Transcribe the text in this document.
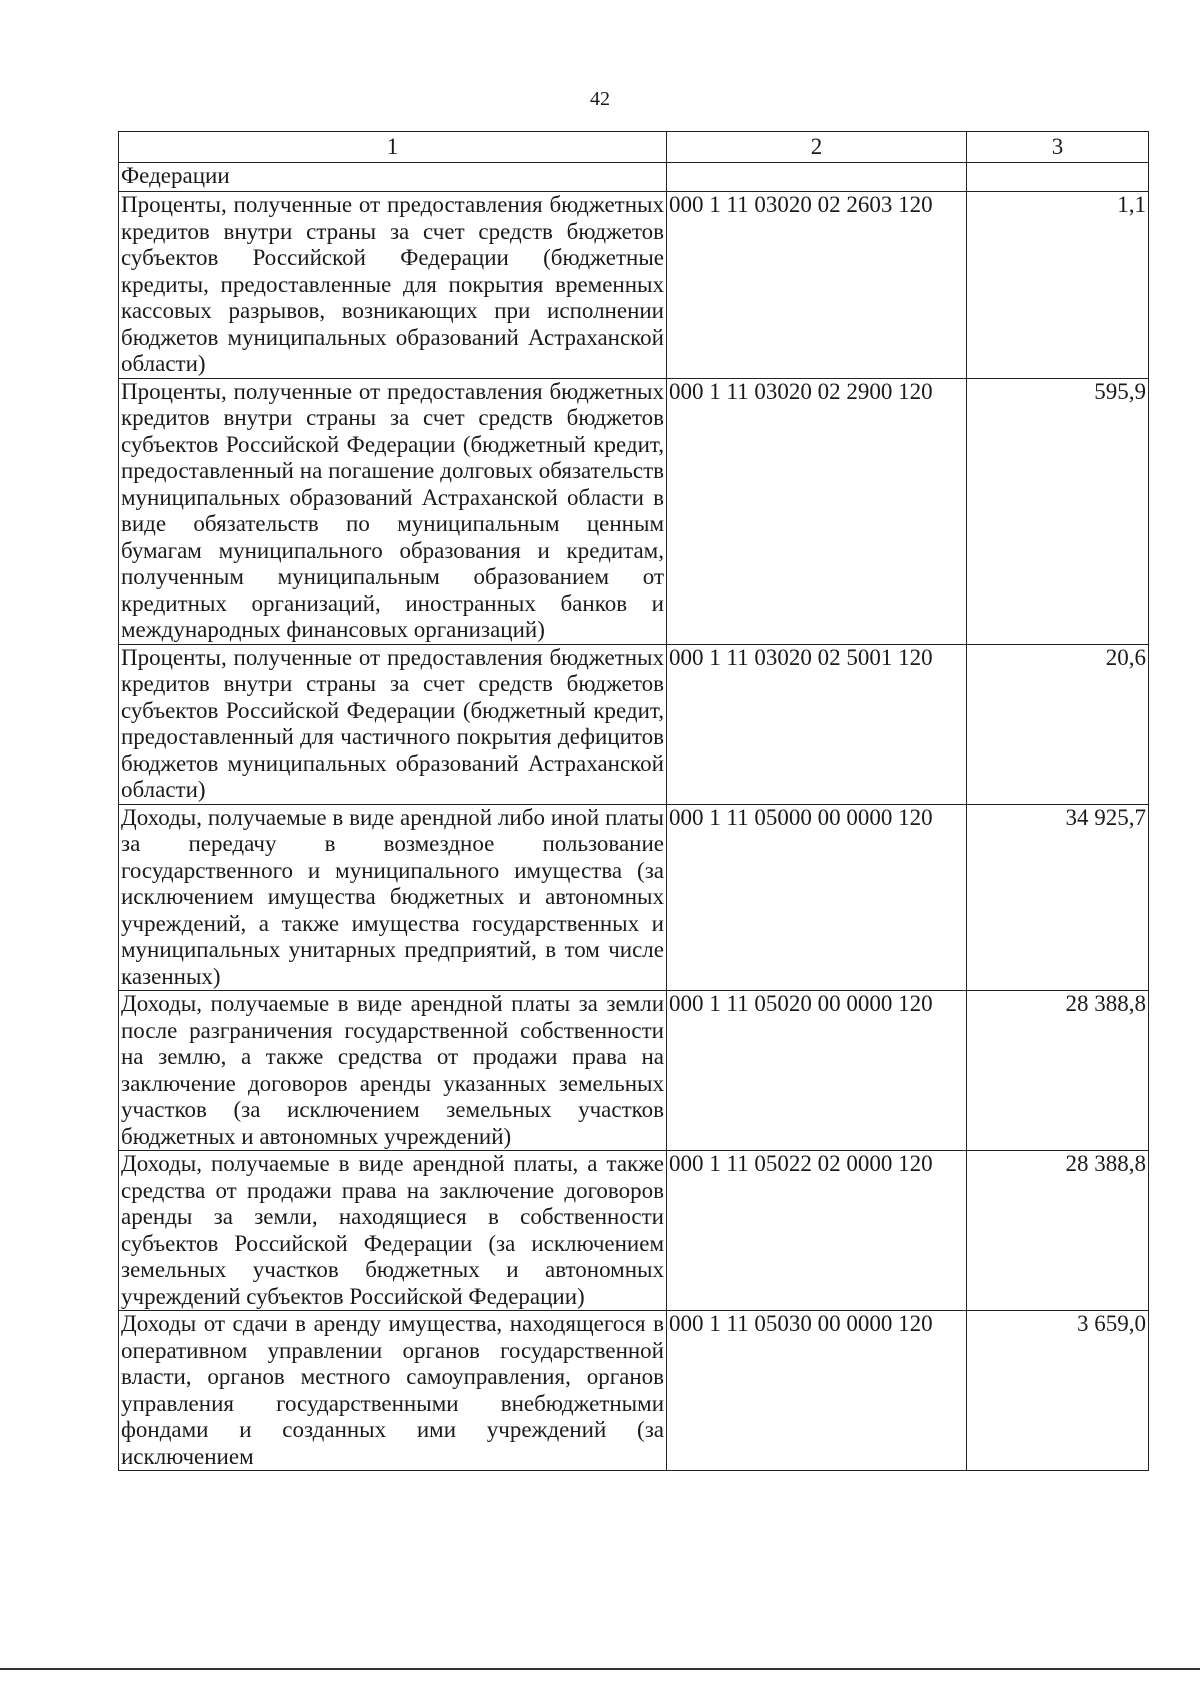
42
1	2	3
Федерации		
Проценты, полученные от предоставления бюджетных кредитов внутри страны за счет средств бюджетов субъектов Российской Федерации (бюджетные кредиты, предоставленные для покрытия временных кассовых разрывов, возникающих при исполнении бюджетов муниципальных образований Астраханской области)	000 1 11 03020 02 2603 120	1,1
Проценты, полученные от предоставления бюджетных кредитов внутри страны за счет средств бюджетов субъектов Российской Федерации (бюджетный кредит, предоставленный на погашение долговых обязательств муниципальных образований Астраханской области в виде обязательств по муниципальным ценным бумагам муниципального образования и кредитам, полученным муниципальным образованием от кредитных организаций, иностранных банков и международных финансовых организаций)	000 1 11 03020 02 2900 120	595,9
Проценты, полученные от предоставления бюджетных кредитов внутри страны за счет средств бюджетов субъектов Российской Федерации (бюджетный кредит, предоставленный для частичного покрытия дефицитов бюджетов муниципальных образований Астраханской области)	000 1 11 03020 02 5001 120	20,6
Доходы, получаемые в виде арендной либо иной платы за передачу в возмездное пользование государственного и муниципального имущества (за исключением имущества бюджетных и автономных учреждений, а также имущества государственных и муниципальных унитарных предприятий, в том числе казенных)	000 1 11 05000 00 0000 120	34 925,7
Доходы, получаемые в виде арендной платы за земли после разграничения государственной собственности на землю, а также средства от продажи права на заключение договоров аренды указанных земельных участков (за исключением земельных участков бюджетных и автономных учреждений)	000 1 11 05020 00 0000 120	28 388,8
Доходы, получаемые в виде арендной платы, а также средства от продажи права на заключение договоров аренды за земли, находящиеся в собственности субъектов Российской Федерации (за исключением земельных участков бюджетных и автономных учреждений субъектов Российской Федерации)	000 1 11 05022 02 0000 120	28 388,8
Доходы от сдачи в аренду имущества, находящегося в оперативном управлении органов государственной власти, органов местного самоуправления, органов управления государственными внебюджетными фондами и созданных ими учреждений (за исключением	000 1 11 05030 00 0000 120	3 659,0
